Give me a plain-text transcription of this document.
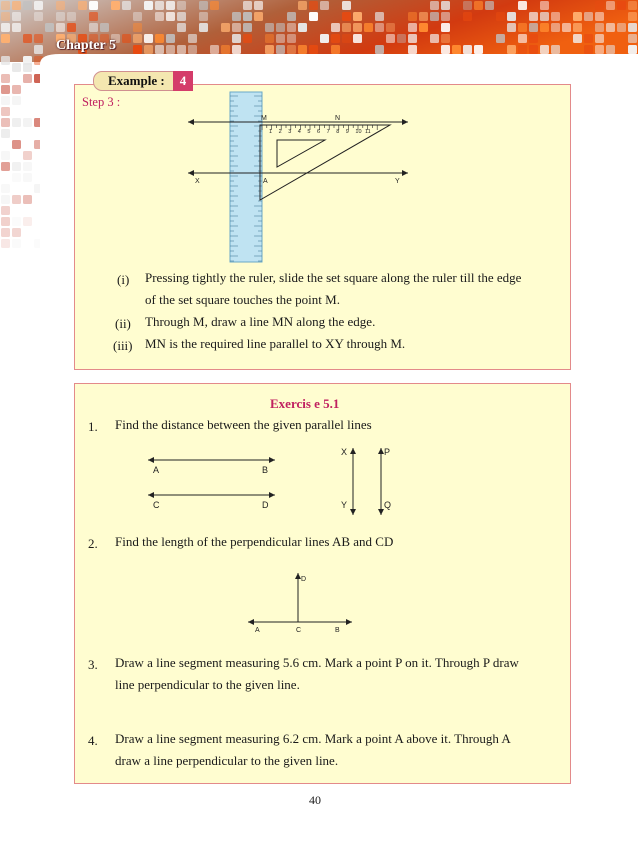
Chapter 5
Example :	4
Step 3 :
1 2 3 4 5 6 7 8 9 10 11
M	N
X	Y
A
(i) Pressing tightly the ruler, slide the set square along the ruler till the edge
of the set square touches the point M.
(ii) Through M, draw a line MN along the edge.
(iii) MN is the required line parallel to XY through M.
Exercis e 5.1
1. Find the distance between the given parallel lines
A	B
C	D
X	P
Y	Q
2. Find the length of the perpendicular lines AB and CD
D
A	C	B
3. Draw a line segment measuring 5.6 cm. Mark a point P on it. Through P draw
line perpendicular to the given line.
4. Draw a line segment measuring 6.2 cm. Mark a point A above it. Through A
draw a line perpendicular to the given line.
40
